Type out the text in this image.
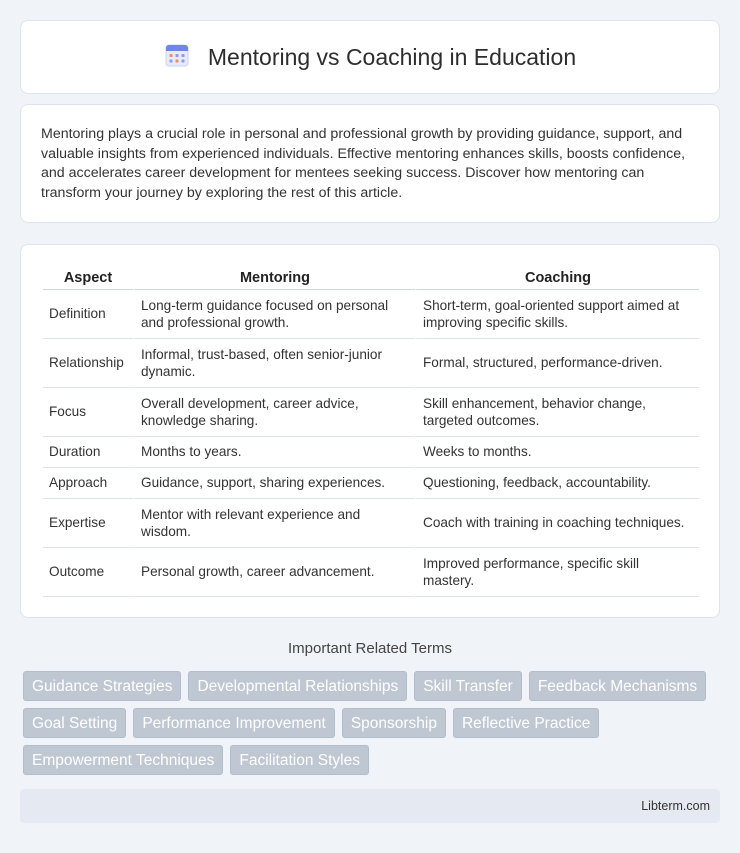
Mentoring vs Coaching in Education

Mentoring plays a crucial role in personal and professional growth by providing guidance, support, and valuable insights from experienced individuals. Effective mentoring enhances skills, boosts confidence, and accelerates career development for mentees seeking success. Discover how mentoring can transform your journey by exploring the rest of this article.

Aspect	Mentoring	Coaching
Definition	Long-term guidance focused on personal and professional growth.	Short-term, goal-oriented support aimed at improving specific skills.
Relationship	Informal, trust-based, often senior-junior dynamic.	Formal, structured, performance-driven.
Focus	Overall development, career advice, knowledge sharing.	Skill enhancement, behavior change, targeted outcomes.
Duration	Months to years.	Weeks to months.
Approach	Guidance, support, sharing experiences.	Questioning, feedback, accountability.
Expertise	Mentor with relevant experience and wisdom.	Coach with training in coaching techniques.
Outcome	Personal growth, career advancement.	Improved performance, specific skill mastery.
Important Related Terms
Guidance Strategies	Developmental Relationships	Skill Transfer	Feedback Mechanisms
Goal Setting	Performance Improvement	Sponsorship	Reflective Practice
Empowerment Techniques	Facilitation Styles
Libterm.com
